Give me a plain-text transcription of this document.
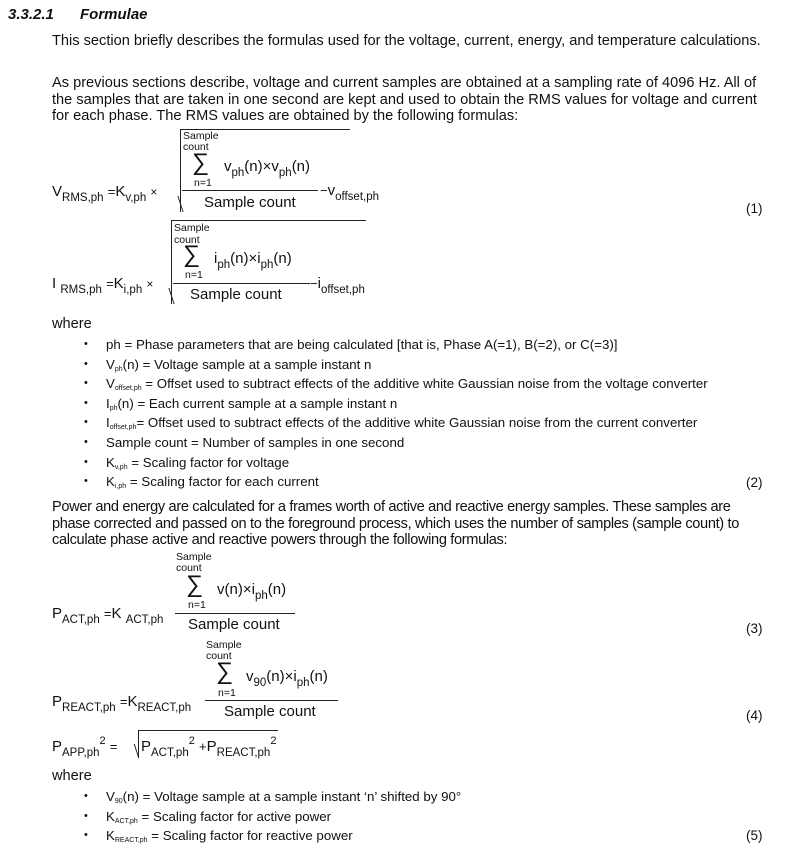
3.3.2.1 Formulae
This section briefly describes the formulas used for the voltage, current, energy, and temperature calculations.
As previous sections describe, voltage and current samples are obtained at a sampling rate of 4096 Hz. All of the samples that are taken in one second are kept and used to obtain the RMS values for voltage and current for each phase. The RMS values are obtained by the following formulas:
$V_{RMS,ph} =K_{v,ph}$ ×
Sample
count
∑
n=1
$v_{ph}(n)\times v_{ph}(n)$
Sample count
$-v_{offset,ph}$
I $_{RMS,ph} =K_{i,ph}$ ×
Sample
count
∑
n=1
$i_{ph}(n)\times i_{ph}(n)$
Sample count
$-i_{offset,ph}$
(1)
where
• ph = Phase parameters that are being calculated [that is, Phase A(=1), B(=2), or C(=3)]
• Vph(n) = Voltage sample at a sample instant n
• Voffset,ph = Offset used to subtract effects of the additive white Gaussian noise from the voltage converter
• Iph(n) = Each current sample at a sample instant n
• Ioffset,ph= Offset used to subtract effects of the additive white Gaussian noise from the current converter
• Sample count = Number of samples in one second
• Kv,ph = Scaling factor for voltage
• Ki,ph = Scaling factor for each current	(2)
Power and energy are calculated for a frames worth of active and reactive energy samples. These samples are phase corrected and passed on to the foreground process, which uses the number of samples (sample count) to calculate phase active and reactive powers through the following formulas:
$P_{ACT,ph} =K$ $_{ACT,ph}$
Sample
count
∑
n=1
$v(n)\times i_{ph}(n)$
Sample count	(3)
$P_{REACT,ph} =K_{REACT,ph}$
Sample
count
∑
n=1
$v_{90}(n)\times i_{ph}(n)$
Sample count	(4)
$P_{APP,ph}^2 = P_{ACT,ph}^2 +P_{REACT,ph}^2$
where
• V90(n) = Voltage sample at a sample instant ‘n’ shifted by 90°
• KACT,ph = Scaling factor for active power
• KREACT,ph = Scaling factor for reactive power	(5)
